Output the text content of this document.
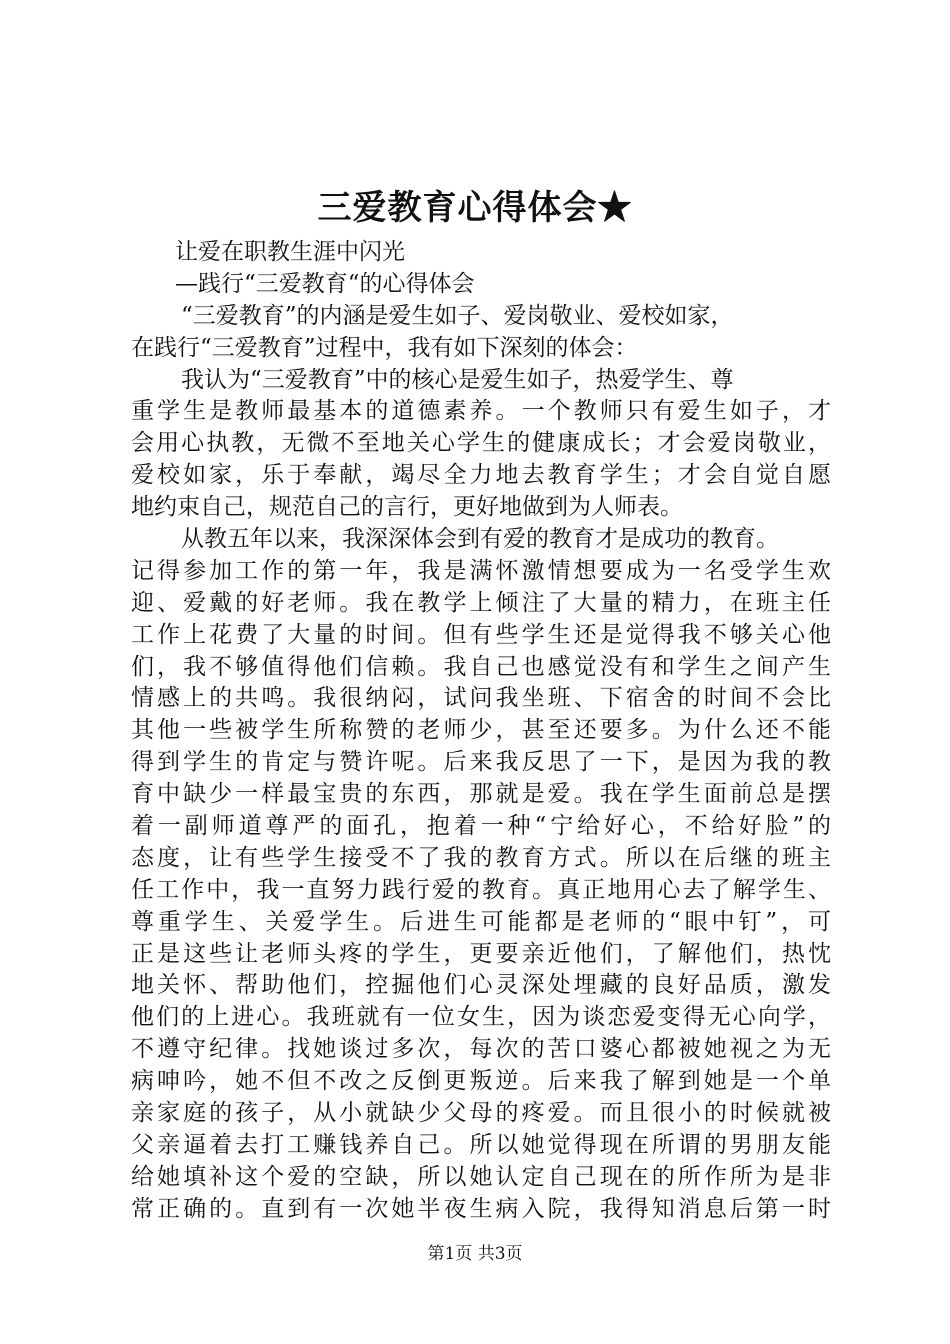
三爱教育心得体会★
让爱在职教生涯中闪光
—践行“三爱教育“的心得体会
“三爱教育”的内涵是爱生如子、爱岗敬业、爱校如家，
在践行“三爱教育”过程中，我有如下深刻的体会：
我认为“三爱教育”中的核心是爱生如子，热爱学生、尊
重学生是教师最基本的道德素养。一个教师只有爱生如子，才
会用心执教，无微不至地关心学生的健康成长；才会爱岗敬业，
爱校如家，乐于奉献，竭尽全力地去教育学生；才会自觉自愿
地约束自己，规范自己的言行，更好地做到为人师表。
从教五年以来，我深深体会到有爱的教育才是成功的教育。
记得参加工作的第一年，我是满怀激情想要成为一名受学生欢
迎、爱戴的好老师。我在教学上倾注了大量的精力，在班主任
工作上花费了大量的时间。但有些学生还是觉得我不够关心他
们，我不够值得他们信赖。我自己也感觉没有和学生之间产生
情感上的共鸣。我很纳闷，试问我坐班、下宿舍的时间不会比
其他一些被学生所称赞的老师少，甚至还要多。为什么还不能
得到学生的肯定与赞许呢。后来我反思了一下，是因为我的教
育中缺少一样最宝贵的东西，那就是爱。我在学生面前总是摆
着一副师道尊严的面孔，抱着一种“宁给好心，不给好脸”的
态度，让有些学生接受不了我的教育方式。所以在后继的班主
任工作中，我一直努力践行爱的教育。真正地用心去了解学生、
尊重学生、关爱学生。后进生可能都是老师的“眼中钉”，可
正是这些让老师头疼的学生，更要亲近他们，了解他们，热忱
地关怀、帮助他们，控掘他们心灵深处埋藏的良好品质，激发
他们的上进心。我班就有一位女生，因为谈恋爱变得无心向学，
不遵守纪律。找她谈过多次，每次的苦口婆心都被她视之为无
病呻吟，她不但不改之反倒更叛逆。后来我了解到她是一个单
亲家庭的孩子，从小就缺少父母的疼爱。而且很小的时候就被
父亲逼着去打工赚钱养自己。所以她觉得现在所谓的男朋友能
给她填补这个爱的空缺，所以她认定自己现在的所作所为是非
常正确的。直到有一次她半夜生病入院，我得知消息后第一时
第1页 共3页
